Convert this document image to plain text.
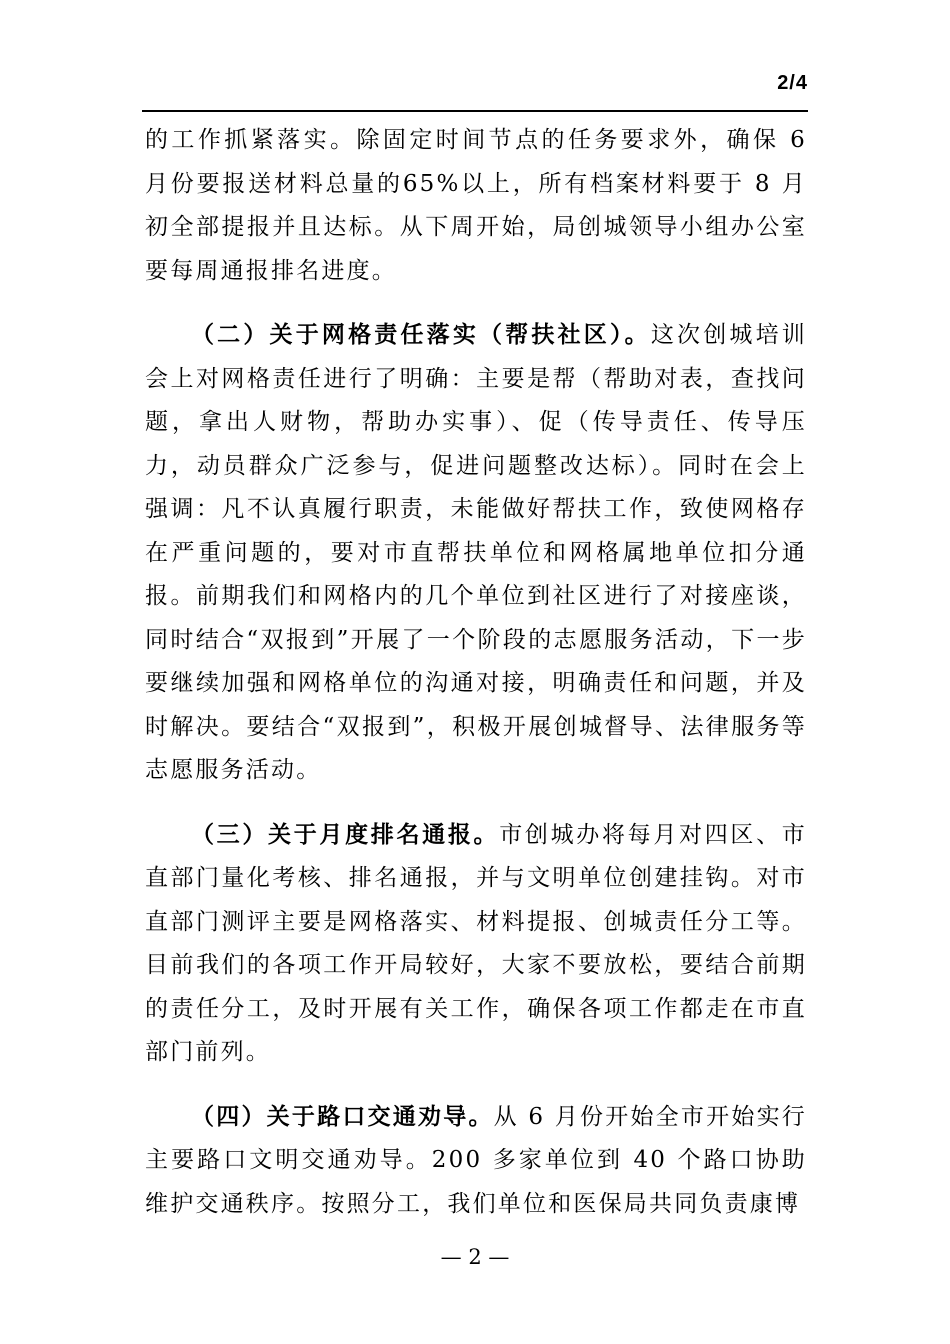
2/4

的工作抓紧落实。除固定时间节点的任务要求外，确保 6 月份要报送材料总量的65%以上，所有档案材料要于 8 月初全部提报并且达标。从下周开始，局创城领导小组办公室要每周通报排名进度。

（二）关于网格责任落实（帮扶社区）。这次创城培训会上对网格责任进行了明确：主要是帮（帮助对表，查找问题，拿出人财物，帮助办实事）、促（传导责任、传导压力，动员群众广泛参与，促进问题整改达标）。同时在会上强调：凡不认真履行职责，未能做好帮扶工作，致使网格存在严重问题的，要对市直帮扶单位和网格属地单位扣分通报。前期我们和网格内的几个单位到社区进行了对接座谈，同时结合“双报到”开展了一个阶段的志愿服务活动，下一步要继续加强和网格单位的沟通对接，明确责任和问题，并及时解决。要结合“双报到”，积极开展创城督导、法律服务等志愿服务活动。

（三）关于月度排名通报。市创城办将每月对四区、市直部门量化考核、排名通报，并与文明单位创建挂钩。对市直部门测评主要是网格落实、材料提报、创城责任分工等。目前我们的各项工作开局较好，大家不要放松，要结合前期的责任分工，及时开展有关工作，确保各项工作都走在市直部门前列。

（四）关于路口交通劝导。从 6 月份开始全市开始实行主要路口文明交通劝导。200 多家单位到 40 个路口协助维护交通秩序。按照分工，我们单位和医保局共同负责康博

— 2 —
